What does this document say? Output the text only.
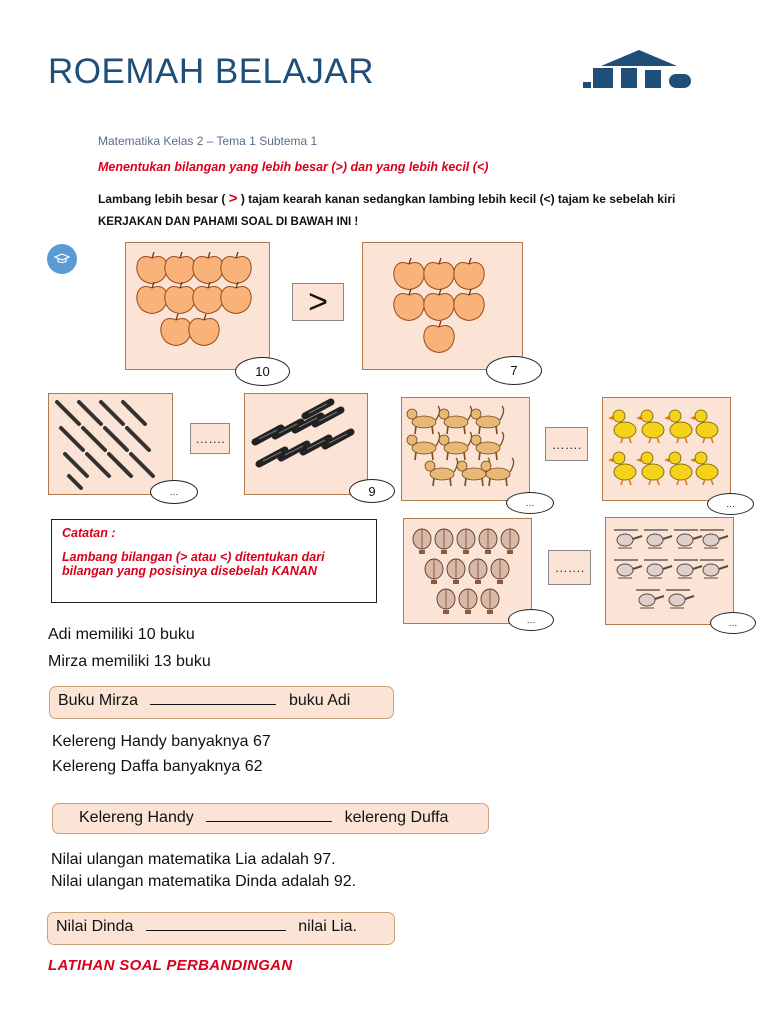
ROEMAH BELAJAR
Matematika Kelas 2 – Tema 1 Subtema 1
Menentukan bilangan yang lebih besar (>) dan yang lebih kecil (<)
Lambang lebih besar ( > ) tajam kearah kanan sedangkan lambing lebih kecil (<) tajam ke sebelah kiri
KERJAKAN DAN PAHAMI SOAL DI BAWAH INI !
>
10	7
…….
…	9
…….
…	…
…….
…	…
Catatan :
Lambang bilangan (> atau <) ditentukan dari
bilangan yang posisinya disebelah KANAN
Adi memiliki 10 buku
Mirza memiliki 13 buku
Buku Mirza	buku Adi
Kelereng Handy banyaknya 67
Kelereng Daffa banyaknya 62
Kelereng Handy	kelereng Duffa
Nilai ulangan matematika Lia adalah 97.
Nilai ulangan matematika Dinda adalah 92.
Nilai Dinda	nilai Lia.
LATIHAN SOAL PERBANDINGAN
